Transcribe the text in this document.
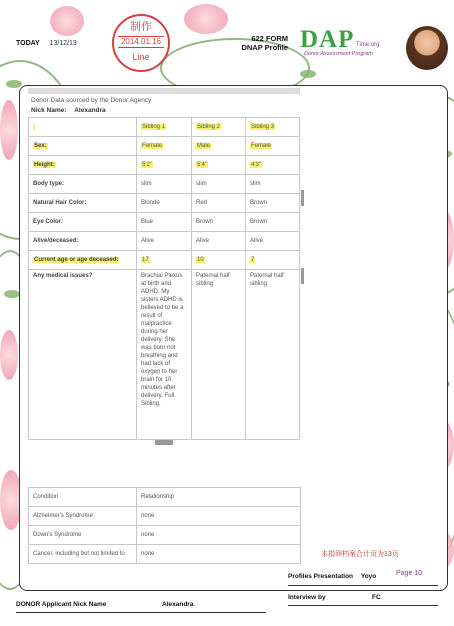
TODAY 13/12/13
制作
2014.01.16
Line
622 FORM
DNAP Profile DAP Time.org
Donor Assessment Program
Donor Data sourced by the Donor Agency
Nick Name: Alexandra
	Sibling 1	Sibling 2	Sibling 3
Sex:	Female	Male	Female
Height:	5'2"	5'4"	4'3"
Body type:	slim	slim	slim
Natural Hair Color:	Blonde	Red	Brown
Eye Color:	Blue	Brown	Brown
Alive/deceased:	Alive	Alive	Alive
Current age or age deceased:	17	10	7
Any medical issues?	Brachial Plexus at birth and ADHD. My sisters ADHD is believed to be a result of malpractice during her delivery. She was born not breathing and had lack of oxygen to her brain for 10 minutes after delivery. Full Sibling.	Paternal half sibling	Paternal half sibling
Condition	Relationship
Alzheimer's Syndrome	none
Down's Syndrome	none
Cancer, including but not limited to	none	本捐卵档案合计页为13页
Profiles Presentation Yoyo	Page 10
Interview by	FC
DONOR Applicant Nick Name	Alexandra
